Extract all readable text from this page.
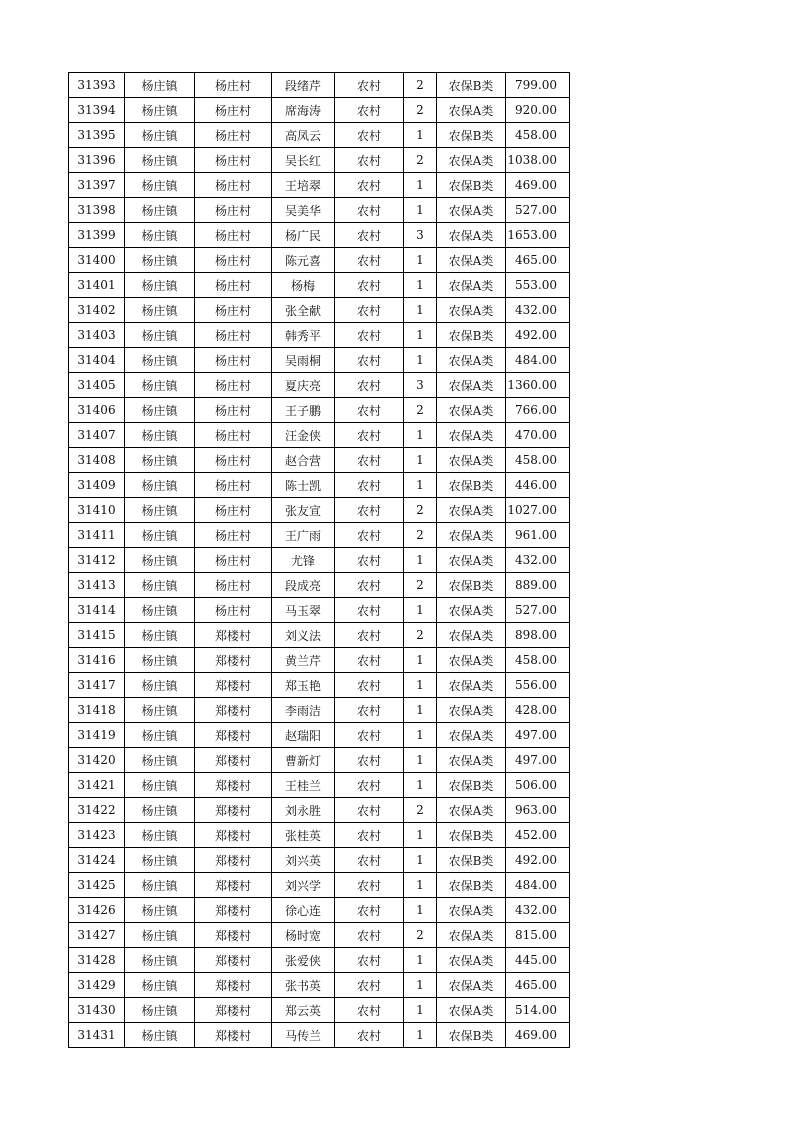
31393	杨庄镇	杨庄村	段绪芹	农村	2	农保B类	799.00
31394	杨庄镇	杨庄村	席海涛	农村	2	农保A类	920.00
31395	杨庄镇	杨庄村	高凤云	农村	1	农保B类	458.00
31396	杨庄镇	杨庄村	吴长红	农村	2	农保A类	1038.00
31397	杨庄镇	杨庄村	王培翠	农村	1	农保B类	469.00
31398	杨庄镇	杨庄村	吴美华	农村	1	农保A类	527.00
31399	杨庄镇	杨庄村	杨广民	农村	3	农保A类	1653.00
31400	杨庄镇	杨庄村	陈元喜	农村	1	农保A类	465.00
31401	杨庄镇	杨庄村	杨梅	农村	1	农保A类	553.00
31402	杨庄镇	杨庄村	张全献	农村	1	农保A类	432.00
31403	杨庄镇	杨庄村	韩秀平	农村	1	农保B类	492.00
31404	杨庄镇	杨庄村	吴雨桐	农村	1	农保A类	484.00
31405	杨庄镇	杨庄村	夏庆亮	农村	3	农保A类	1360.00
31406	杨庄镇	杨庄村	王子鹏	农村	2	农保A类	766.00
31407	杨庄镇	杨庄村	汪金侠	农村	1	农保A类	470.00
31408	杨庄镇	杨庄村	赵合营	农村	1	农保A类	458.00
31409	杨庄镇	杨庄村	陈士凯	农村	1	农保B类	446.00
31410	杨庄镇	杨庄村	张友宣	农村	2	农保A类	1027.00
31411	杨庄镇	杨庄村	王广雨	农村	2	农保A类	961.00
31412	杨庄镇	杨庄村	尤锋	农村	1	农保A类	432.00
31413	杨庄镇	杨庄村	段成亮	农村	2	农保B类	889.00
31414	杨庄镇	杨庄村	马玉翠	农村	1	农保A类	527.00
31415	杨庄镇	郑楼村	刘义法	农村	2	农保A类	898.00
31416	杨庄镇	郑楼村	黄兰芹	农村	1	农保A类	458.00
31417	杨庄镇	郑楼村	郑玉艳	农村	1	农保A类	556.00
31418	杨庄镇	郑楼村	李雨洁	农村	1	农保A类	428.00
31419	杨庄镇	郑楼村	赵瑞阳	农村	1	农保A类	497.00
31420	杨庄镇	郑楼村	曹新灯	农村	1	农保A类	497.00
31421	杨庄镇	郑楼村	王桂兰	农村	1	农保B类	506.00
31422	杨庄镇	郑楼村	刘永胜	农村	2	农保A类	963.00
31423	杨庄镇	郑楼村	张桂英	农村	1	农保B类	452.00
31424	杨庄镇	郑楼村	刘兴英	农村	1	农保B类	492.00
31425	杨庄镇	郑楼村	刘兴学	农村	1	农保B类	484.00
31426	杨庄镇	郑楼村	徐心连	农村	1	农保A类	432.00
31427	杨庄镇	郑楼村	杨时宽	农村	2	农保A类	815.00
31428	杨庄镇	郑楼村	张爱侠	农村	1	农保A类	445.00
31429	杨庄镇	郑楼村	张书英	农村	1	农保A类	465.00
31430	杨庄镇	郑楼村	郑云英	农村	1	农保A类	514.00
31431	杨庄镇	郑楼村	马传兰	农村	1	农保B类	469.00
